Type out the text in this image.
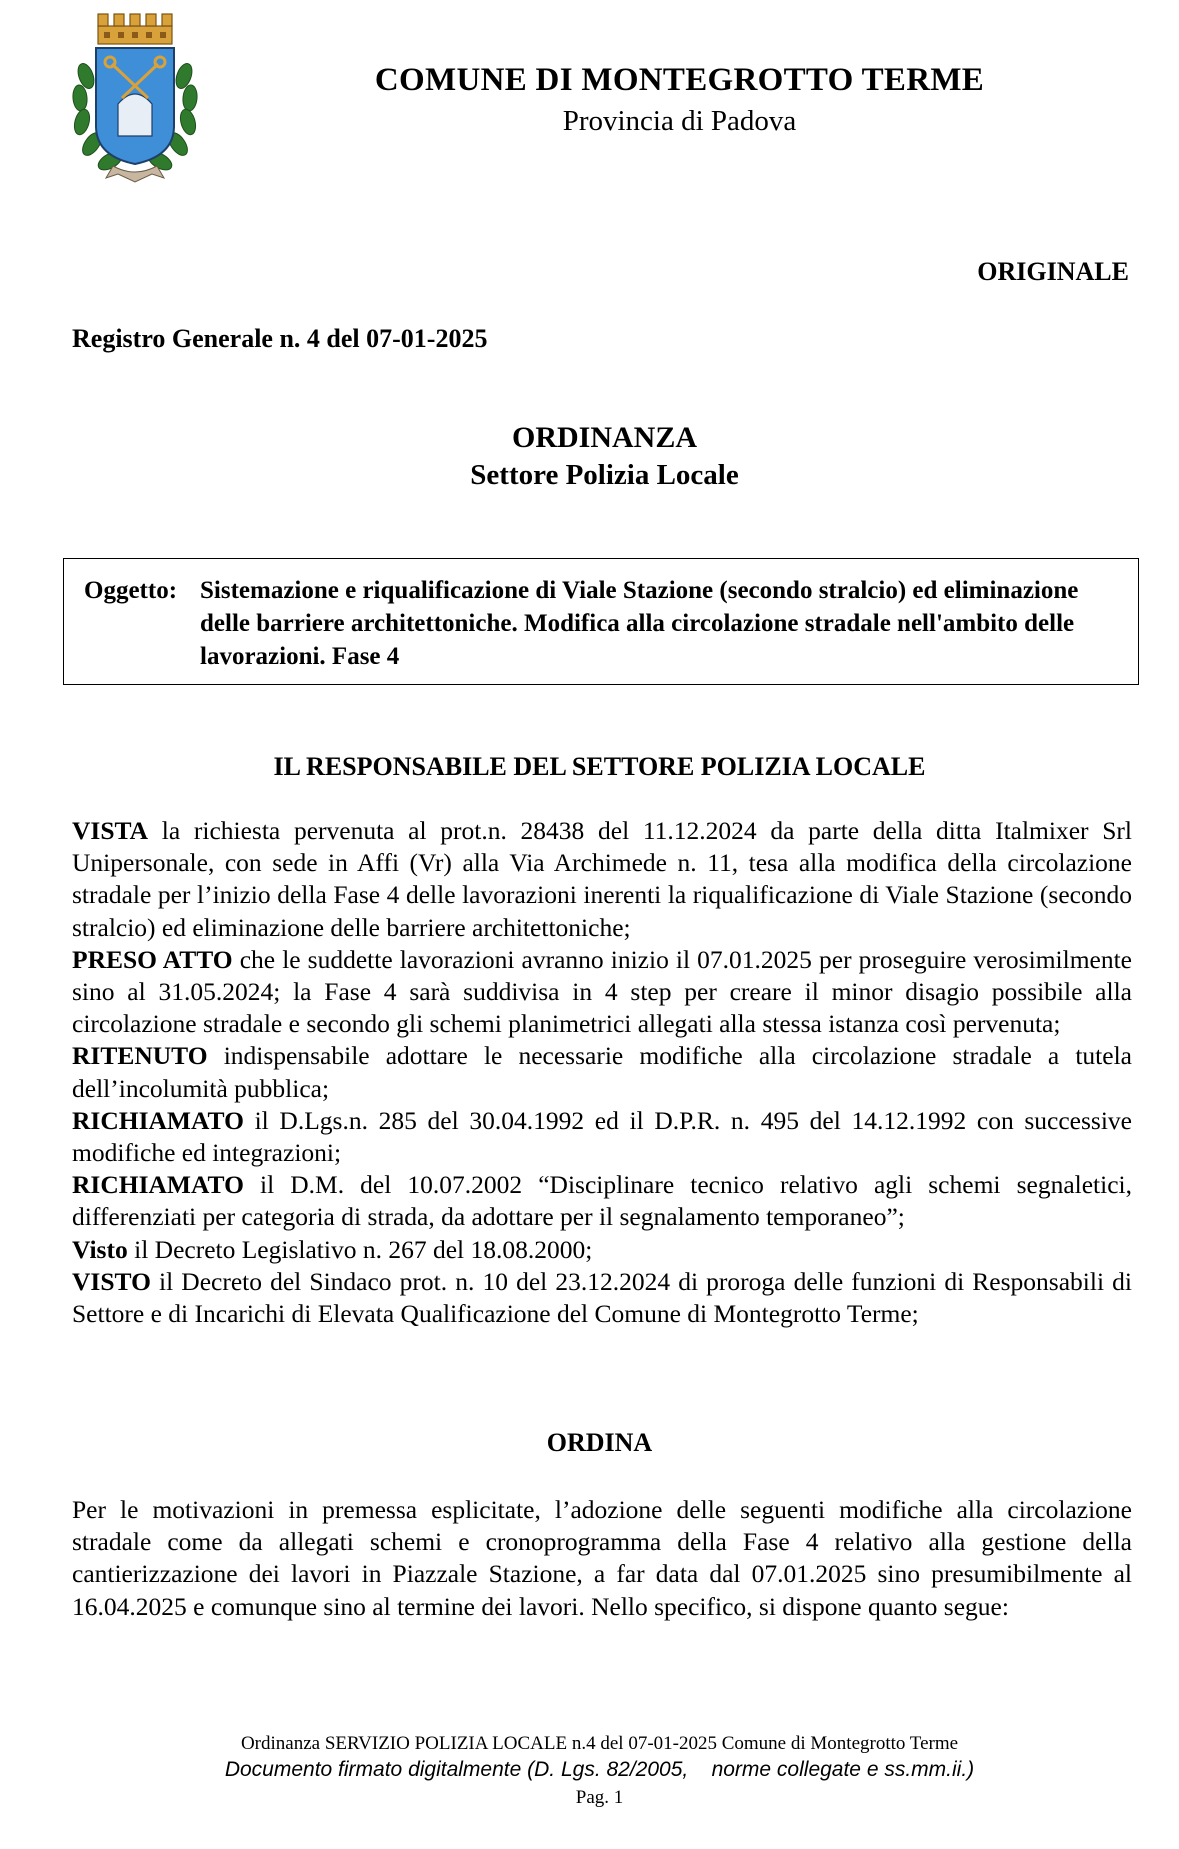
COMUNE DI MONTEGROTTO TERME
Provincia di Padova
ORIGINALE
Registro Generale n. 4 del 07-01-2025
ORDINANZA
Settore Polizia Locale
Oggetto: Sistemazione e riqualificazione di Viale Stazione (secondo stralcio) ed eliminazione delle barriere architettoniche. Modifica alla circolazione stradale nell'ambito delle lavorazioni. Fase 4
IL RESPONSABILE DEL SETTORE POLIZIA LOCALE

VISTA la richiesta pervenuta al prot.n. 28438 del 11.12.2024 da parte della ditta Italmixer Srl Unipersonale, con sede in Affi (Vr) alla Via Archimede n. 11, tesa alla modifica della circolazione stradale per l’inizio della Fase 4 delle lavorazioni inerenti la riqualificazione di Viale Stazione (secondo stralcio) ed eliminazione delle barriere architettoniche;

PRESO ATTO che le suddette lavorazioni avranno inizio il 07.01.2025 per proseguire verosimilmente sino al 31.05.2024; la Fase 4 sarà suddivisa in 4 step per creare il minor disagio possibile alla circolazione stradale e secondo gli schemi planimetrici allegati alla stessa istanza così pervenuta;

RITENUTO indispensabile adottare le necessarie modifiche alla circolazione stradale a tutela dell’incolumità pubblica;

RICHIAMATO il D.Lgs.n. 285 del 30.04.1992 ed il D.P.R. n. 495 del 14.12.1992 con successive modifiche ed integrazioni;

RICHIAMATO il D.M. del 10.07.2002 “Disciplinare tecnico relativo agli schemi segnaletici, differenziati per categoria di strada, da adottare per il segnalamento temporaneo”;

Visto il Decreto Legislativo n. 267 del 18.08.2000;

VISTO il Decreto del Sindaco prot. n. 10 del 23.12.2024 di proroga delle funzioni di Responsabili di Settore e di Incarichi di Elevata Qualificazione del Comune di Montegrotto Terme;

ORDINA

Per le motivazioni in premessa esplicitate, l’adozione delle seguenti modifiche alla circolazione stradale come da allegati schemi e cronoprogramma della Fase 4 relativo alla gestione della cantierizzazione dei lavori in Piazzale Stazione, a far data dal 07.01.2025 sino presumibilmente al 16.04.2025 e comunque sino al termine dei lavori. Nello specifico, si dispone quanto segue:

Ordinanza SERVIZIO POLIZIA LOCALE n.4 del 07-01-2025 Comune di Montegrotto Terme
Documento firmato digitalmente (D. Lgs. 82/2005,    norme collegate e ss.mm.ii.)
Pag. 1
